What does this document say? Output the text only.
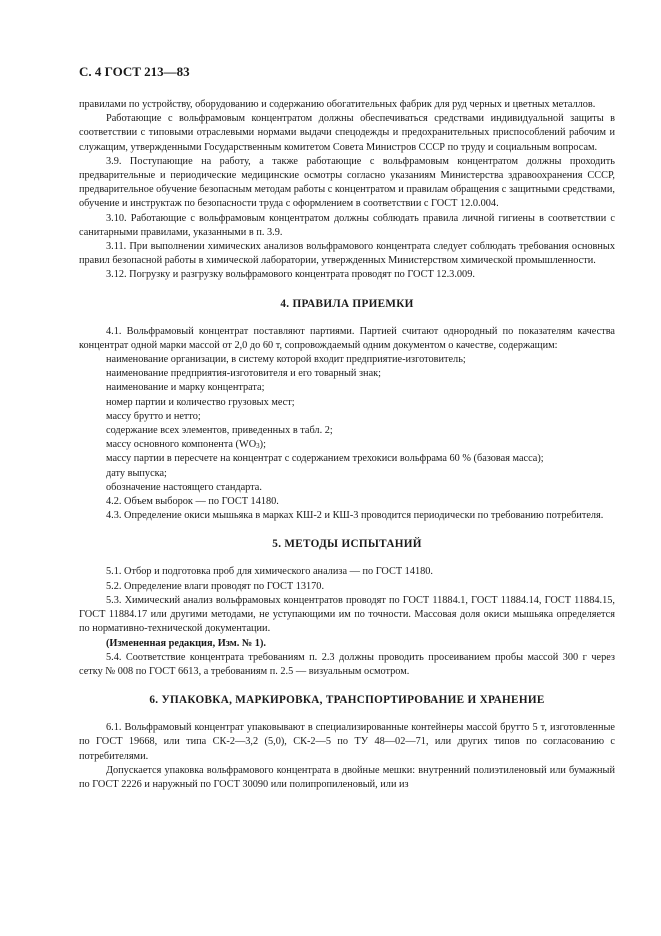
С. 4 ГОСТ 213—83

правилами по устройству, оборудованию и содержанию обогатительных фабрик для руд черных и цветных металлов.

Работающие с вольфрамовым концентратом должны обеспечиваться средствами индивидуальной защиты в соответствии с типовыми отраслевыми нормами выдачи спецодежды и предохранительных приспособлений рабочим и служащим, утвержденными Государственным комитетом Совета Министров СССР по труду и социальным вопросам.

3.9. Поступающие на работу, а также работающие с вольфрамовым концентратом должны проходить предварительные и периодические медицинские осмотры согласно указаниям Министерства здравоохранения СССР, предварительное обучение безопасным методам работы с концентратом и правилам обращения с защитными средствами, обучение и инструктаж по безопасности труда с оформлением в соответствии с ГОСТ 12.0.004.

3.10. Работающие с вольфрамовым концентратом должны соблюдать правила личной гигиены в соответствии с санитарными правилами, указанными в п. 3.9.

3.11. При выполнении химических анализов вольфрамового концентрата следует соблюдать требования основных правил безопасной работы в химической лаборатории, утвержденных Министерством химической промышленности.

3.12. Погрузку и разгрузку вольфрамового концентрата проводят по ГОСТ 12.3.009.

4. ПРАВИЛА ПРИЕМКИ

4.1. Вольфрамовый концентрат поставляют партиями. Партией считают однородный по показателям качества концентрат одной марки массой от 2,0 до 60 т, сопровождаемый одним документом о качестве, содержащим:

наименование организации, в систему которой входит предприятие-изготовитель;

наименование предприятия-изготовителя и его товарный знак;

наименование и марку концентрата;

номер партии и количество грузовых мест;

массу брутто и нетто;

содержание всех элементов, приведенных в табл. 2;

массу основного компонента $(WO_3)$;

массу партии в пересчете на концентрат с содержанием трехокиси вольфрама 60 % (базовая масса);

дату выпуска;

обозначение настоящего стандарта.

4.2. Объем выборок — по ГОСТ 14180.

4.3. Определение окиси мышьяка в марках КШ-2 и КШ-3 проводится периодически по требованию потребителя.

5. МЕТОДЫ ИСПЫТАНИЙ

5.1. Отбор и подготовка проб для химического анализа — по ГОСТ 14180.

5.2. Определение влаги проводят по ГОСТ 13170.

5.3. Химический анализ вольфрамовых концентратов проводят по ГОСТ 11884.1, ГОСТ 11884.14, ГОСТ 11884.15, ГОСТ 11884.17 или другими методами, не уступающими им по точности. Массовая доля окиси мышьяка определяется по нормативно-технической документации.

(Измененная редакция, Изм. № 1).

5.4. Соответствие концентрата требованиям п. 2.3 должны проводить просеиванием пробы массой 300 г через сетку № 008 по ГОСТ 6613, а требованиям п. 2.5 — визуальным осмотром.

6. УПАКОВКА, МАРКИРОВКА, ТРАНСПОРТИРОВАНИЕ И ХРАНЕНИЕ

6.1. Вольфрамовый концентрат упаковывают в специализированные контейнеры массой брутто 5 т, изготовленные по ГОСТ 19668, или типа СК-2—3,2 (5,0), СК-2—5 по ТУ 48—02—71, или других типов по согласованию с потребителями.

Допускается упаковка вольфрамового концентрата в двойные мешки: внутренний полиэтиленовый или бумажный по ГОСТ 2226 и наружный по ГОСТ 30090 или полипропиленовый, или из
